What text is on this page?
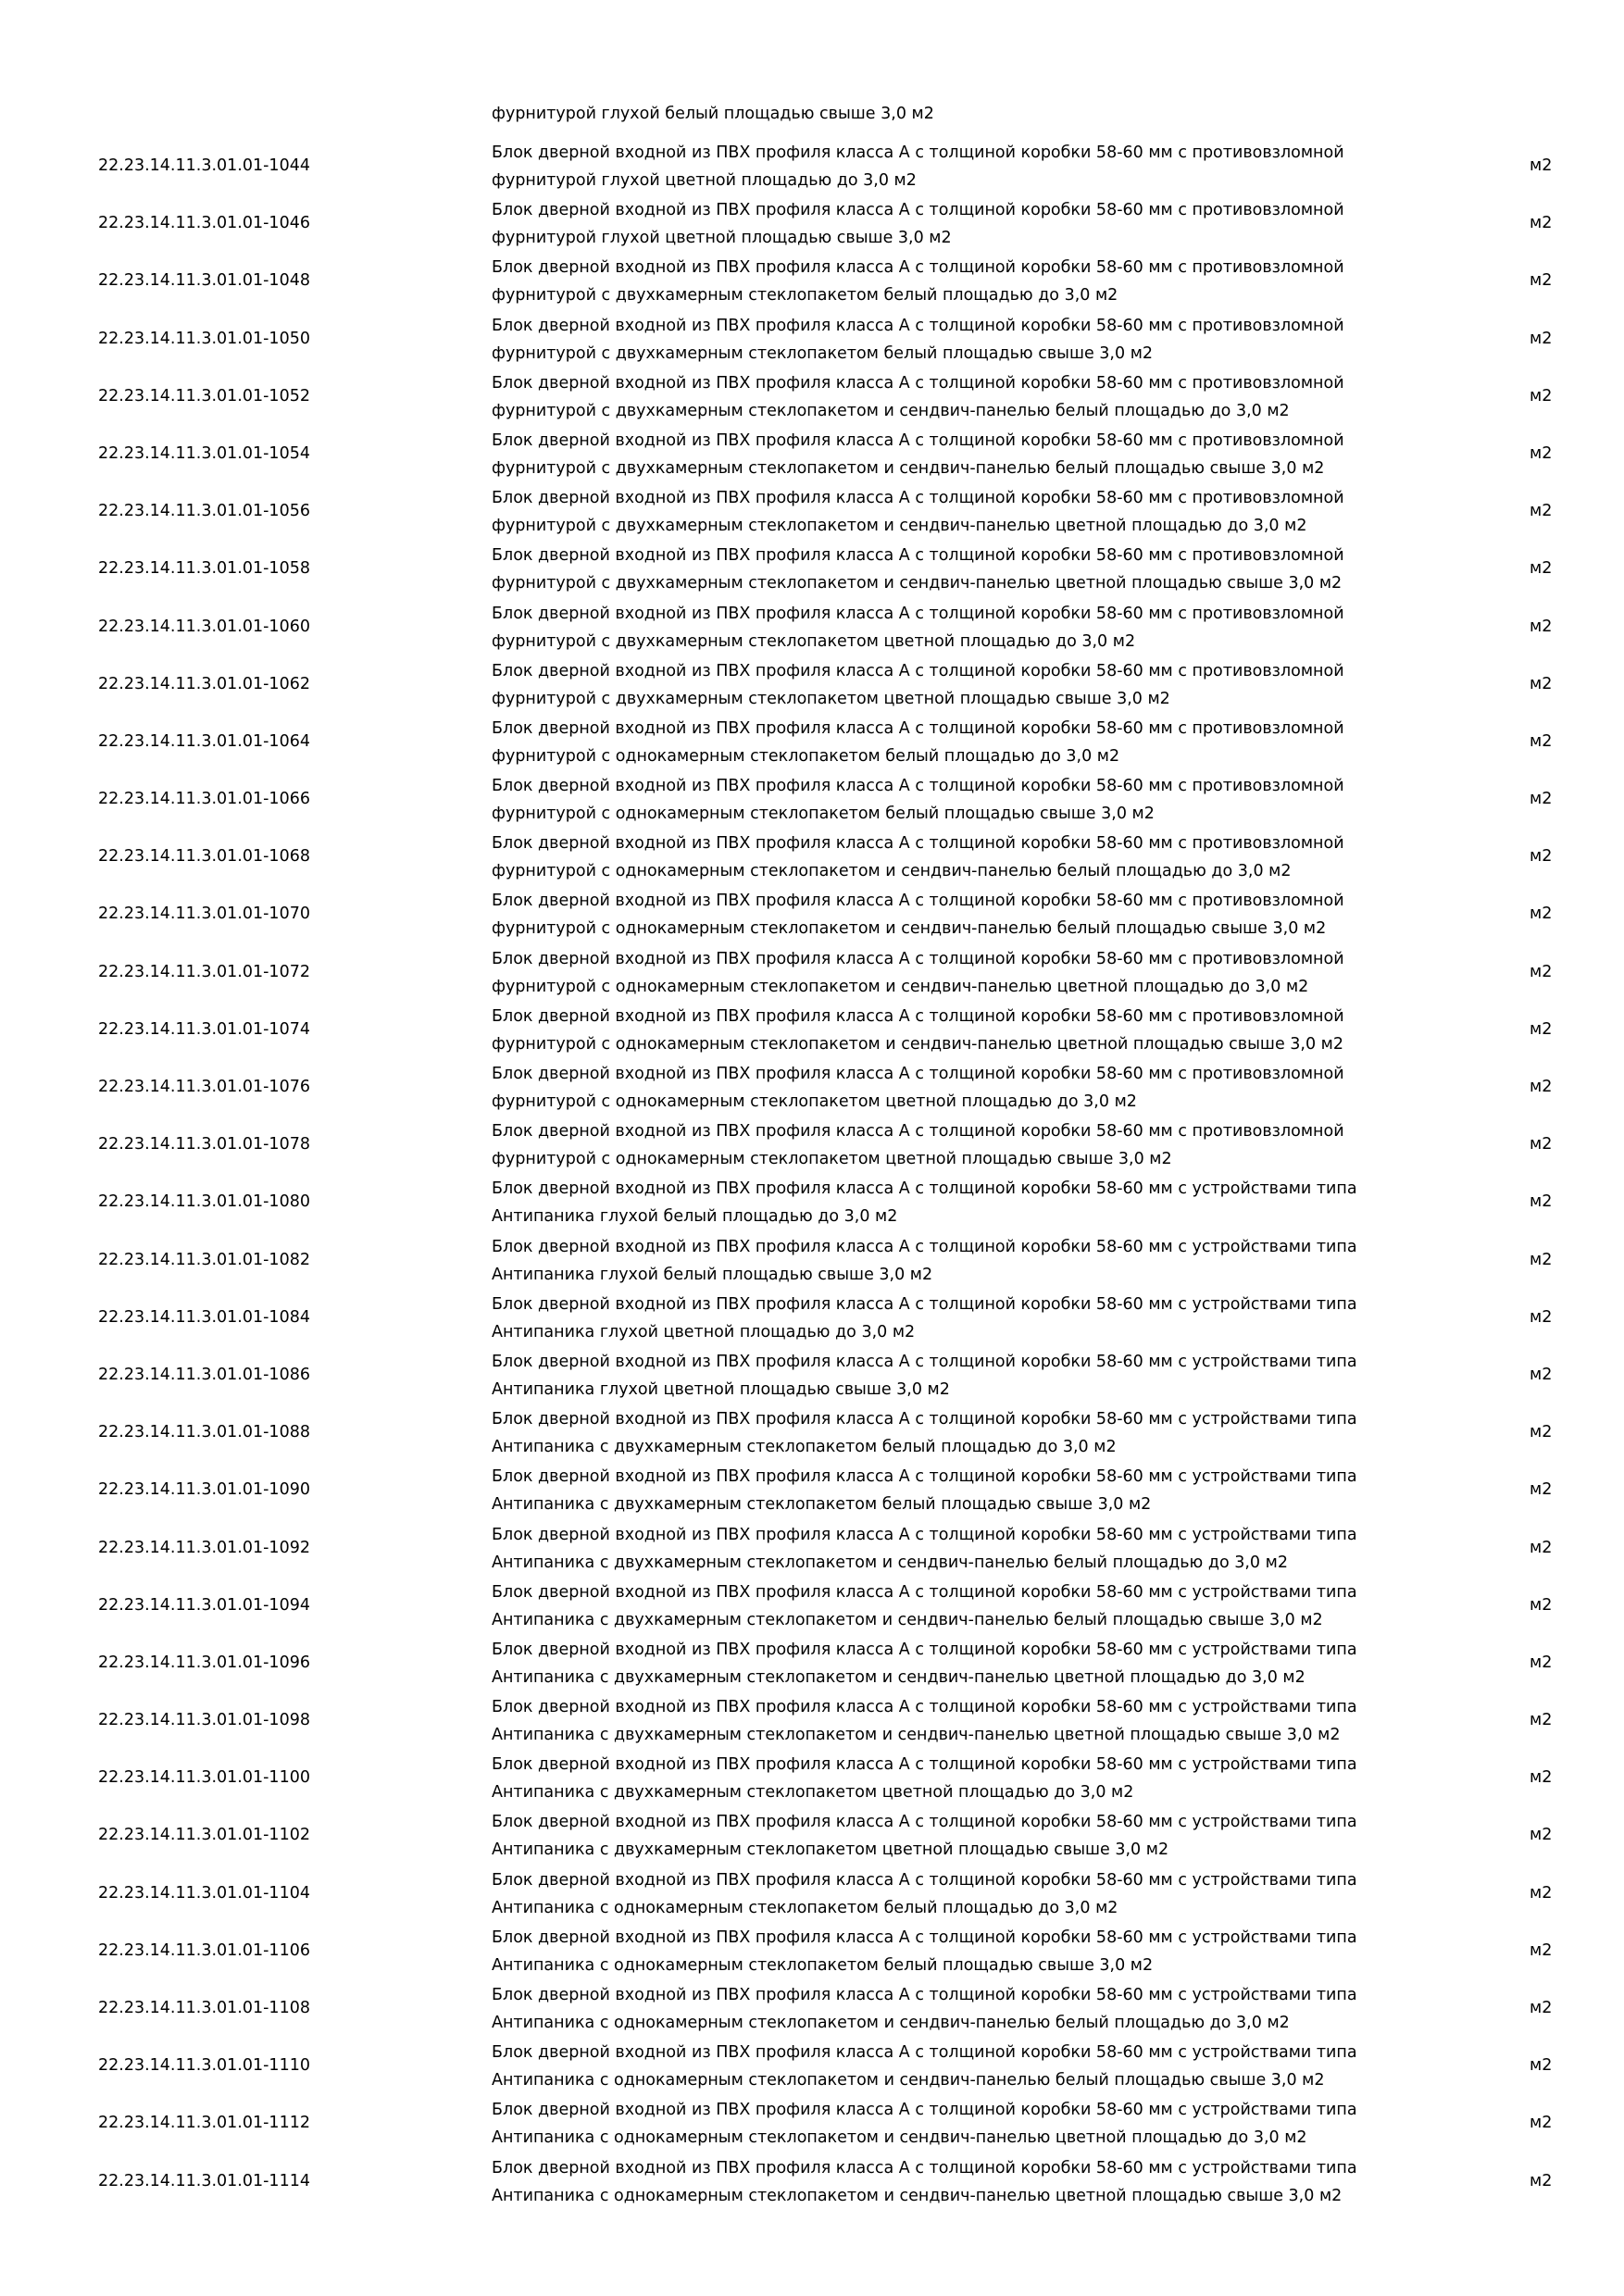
фурнитурой глухой белый площадью свыше 3,0 м2
22.23.14.11.3.01.01-1044
Блок дверной входной из ПВХ профиля класса А с толщиной коробки 58-60 мм с противовзломной
фурнитурой глухой цветной площадью до 3,0 м2
м2
22.23.14.11.3.01.01-1046
Блок дверной входной из ПВХ профиля класса А с толщиной коробки 58-60 мм с противовзломной
фурнитурой глухой цветной площадью свыше 3,0 м2
м2
22.23.14.11.3.01.01-1048
Блок дверной входной из ПВХ профиля класса А с толщиной коробки 58-60 мм с противовзломной
фурнитурой с двухкамерным стеклопакетом белый площадью до 3,0 м2
м2
22.23.14.11.3.01.01-1050
Блок дверной входной из ПВХ профиля класса А с толщиной коробки 58-60 мм с противовзломной
фурнитурой с двухкамерным стеклопакетом белый площадью свыше 3,0 м2
м2
22.23.14.11.3.01.01-1052
Блок дверной входной из ПВХ профиля класса А с толщиной коробки 58-60 мм с противовзломной
фурнитурой с двухкамерным стеклопакетом и сендвич-панелью белый площадью до 3,0 м2
м2
22.23.14.11.3.01.01-1054
Блок дверной входной из ПВХ профиля класса А с толщиной коробки 58-60 мм с противовзломной
фурнитурой с двухкамерным стеклопакетом и сендвич-панелью белый площадью свыше 3,0 м2
м2
22.23.14.11.3.01.01-1056
Блок дверной входной из ПВХ профиля класса А с толщиной коробки 58-60 мм с противовзломной
фурнитурой с двухкамерным стеклопакетом и сендвич-панелью цветной площадью до 3,0 м2
м2
22.23.14.11.3.01.01-1058
Блок дверной входной из ПВХ профиля класса А с толщиной коробки 58-60 мм с противовзломной
фурнитурой с двухкамерным стеклопакетом и сендвич-панелью цветной площадью свыше 3,0 м2
м2
22.23.14.11.3.01.01-1060
Блок дверной входной из ПВХ профиля класса А с толщиной коробки 58-60 мм с противовзломной
фурнитурой с двухкамерным стеклопакетом цветной площадью до 3,0 м2
м2
22.23.14.11.3.01.01-1062
Блок дверной входной из ПВХ профиля класса А с толщиной коробки 58-60 мм с противовзломной
фурнитурой с двухкамерным стеклопакетом цветной площадью свыше 3,0 м2
м2
22.23.14.11.3.01.01-1064
Блок дверной входной из ПВХ профиля класса А с толщиной коробки 58-60 мм с противовзломной
фурнитурой с однокамерным стеклопакетом белый площадью до 3,0 м2
м2
22.23.14.11.3.01.01-1066
Блок дверной входной из ПВХ профиля класса А с толщиной коробки 58-60 мм с противовзломной
фурнитурой с однокамерным стеклопакетом белый площадью свыше 3,0 м2
м2
22.23.14.11.3.01.01-1068
Блок дверной входной из ПВХ профиля класса А с толщиной коробки 58-60 мм с противовзломной
фурнитурой с однокамерным стеклопакетом и сендвич-панелью белый площадью до 3,0 м2
м2
22.23.14.11.3.01.01-1070
Блок дверной входной из ПВХ профиля класса А с толщиной коробки 58-60 мм с противовзломной
фурнитурой с однокамерным стеклопакетом и сендвич-панелью белый площадью свыше 3,0 м2
м2
22.23.14.11.3.01.01-1072
Блок дверной входной из ПВХ профиля класса А с толщиной коробки 58-60 мм с противовзломной
фурнитурой с однокамерным стеклопакетом и сендвич-панелью цветной площадью до 3,0 м2
м2
22.23.14.11.3.01.01-1074
Блок дверной входной из ПВХ профиля класса А с толщиной коробки 58-60 мм с противовзломной
фурнитурой с однокамерным стеклопакетом и сендвич-панелью цветной площадью свыше 3,0 м2
м2
22.23.14.11.3.01.01-1076
Блок дверной входной из ПВХ профиля класса А с толщиной коробки 58-60 мм с противовзломной
фурнитурой с однокамерным стеклопакетом цветной площадью до 3,0 м2
м2
22.23.14.11.3.01.01-1078
Блок дверной входной из ПВХ профиля класса А с толщиной коробки 58-60 мм с противовзломной
фурнитурой с однокамерным стеклопакетом цветной площадью свыше 3,0 м2
м2
22.23.14.11.3.01.01-1080
Блок дверной входной из ПВХ профиля класса А с толщиной коробки 58-60 мм с устройствами типа
Антипаника глухой белый площадью до 3,0 м2
м2
22.23.14.11.3.01.01-1082
Блок дверной входной из ПВХ профиля класса А с толщиной коробки 58-60 мм с устройствами типа
Антипаника глухой белый площадью свыше 3,0 м2
м2
22.23.14.11.3.01.01-1084
Блок дверной входной из ПВХ профиля класса А с толщиной коробки 58-60 мм с устройствами типа
Антипаника глухой цветной площадью до 3,0 м2
м2
22.23.14.11.3.01.01-1086
Блок дверной входной из ПВХ профиля класса А с толщиной коробки 58-60 мм с устройствами типа
Антипаника глухой цветной площадью свыше 3,0 м2
м2
22.23.14.11.3.01.01-1088
Блок дверной входной из ПВХ профиля класса А с толщиной коробки 58-60 мм с устройствами типа
Антипаника с двухкамерным стеклопакетом белый площадью до 3,0 м2
м2
22.23.14.11.3.01.01-1090
Блок дверной входной из ПВХ профиля класса А с толщиной коробки 58-60 мм с устройствами типа
Антипаника с двухкамерным стеклопакетом белый площадью свыше 3,0 м2
м2
22.23.14.11.3.01.01-1092
Блок дверной входной из ПВХ профиля класса А с толщиной коробки 58-60 мм с устройствами типа
Антипаника с двухкамерным стеклопакетом и сендвич-панелью белый площадью до 3,0 м2
м2
22.23.14.11.3.01.01-1094
Блок дверной входной из ПВХ профиля класса А с толщиной коробки 58-60 мм с устройствами типа
Антипаника с двухкамерным стеклопакетом и сендвич-панелью белый площадью свыше 3,0 м2
м2
22.23.14.11.3.01.01-1096
Блок дверной входной из ПВХ профиля класса А с толщиной коробки 58-60 мм с устройствами типа
Антипаника с двухкамерным стеклопакетом и сендвич-панелью цветной площадью до 3,0 м2
м2
22.23.14.11.3.01.01-1098
Блок дверной входной из ПВХ профиля класса А с толщиной коробки 58-60 мм с устройствами типа
Антипаника с двухкамерным стеклопакетом и сендвич-панелью цветной площадью свыше 3,0 м2
м2
22.23.14.11.3.01.01-1100
Блок дверной входной из ПВХ профиля класса А с толщиной коробки 58-60 мм с устройствами типа
Антипаника с двухкамерным стеклопакетом цветной площадью до 3,0 м2
м2
22.23.14.11.3.01.01-1102
Блок дверной входной из ПВХ профиля класса А с толщиной коробки 58-60 мм с устройствами типа
Антипаника с двухкамерным стеклопакетом цветной площадью свыше 3,0 м2
м2
22.23.14.11.3.01.01-1104
Блок дверной входной из ПВХ профиля класса А с толщиной коробки 58-60 мм с устройствами типа
Антипаника с однокамерным стеклопакетом белый площадью до 3,0 м2
м2
22.23.14.11.3.01.01-1106
Блок дверной входной из ПВХ профиля класса А с толщиной коробки 58-60 мм с устройствами типа
Антипаника с однокамерным стеклопакетом белый площадью свыше 3,0 м2
м2
22.23.14.11.3.01.01-1108
Блок дверной входной из ПВХ профиля класса А с толщиной коробки 58-60 мм с устройствами типа
Антипаника с однокамерным стеклопакетом и сендвич-панелью белый площадью до 3,0 м2
м2
22.23.14.11.3.01.01-1110
Блок дверной входной из ПВХ профиля класса А с толщиной коробки 58-60 мм с устройствами типа
Антипаника с однокамерным стеклопакетом и сендвич-панелью белый площадью свыше 3,0 м2
м2
22.23.14.11.3.01.01-1112
Блок дверной входной из ПВХ профиля класса А с толщиной коробки 58-60 мм с устройствами типа
Антипаника с однокамерным стеклопакетом и сендвич-панелью цветной площадью до 3,0 м2
м2
22.23.14.11.3.01.01-1114
Блок дверной входной из ПВХ профиля класса А с толщиной коробки 58-60 мм с устройствами типа
Антипаника с однокамерным стеклопакетом и сендвич-панелью цветной площадью свыше 3,0 м2
м2
